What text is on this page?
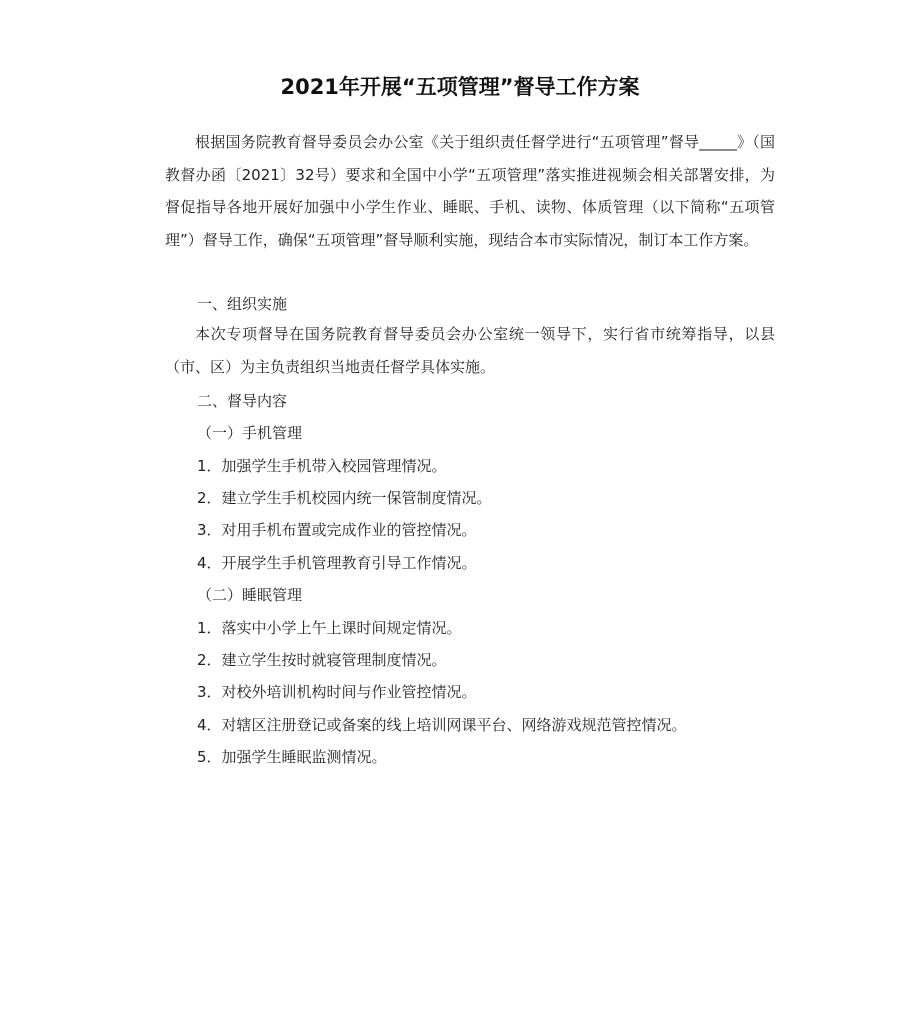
2021年开展“五项管理”督导工作方案

根据国务院教育督导委员会办公室《关于组织责任督学进行“五项管理”督导_____》（国教督办函〔2021〕32号）要求和全国中小学“五项管理”落实推进视频会相关部署安排，为督促指导各地开展好加强中小学生作业、睡眠、手机、读物、体质管理（以下简称“五项管理”）督导工作，确保“五项管理”督导顺利实施，现结合本市实际情况，制订本工作方案。

一、组织实施

本次专项督导在国务院教育督导委员会办公室统一领导下，实行省市统筹指导，以县（市、区）为主负责组织当地责任督学具体实施。

二、督导内容

（一）手机管理

1．加强学生手机带入校园管理情况。

2．建立学生手机校园内统一保管制度情况。

3．对用手机布置或完成作业的管控情况。

4．开展学生手机管理教育引导工作情况。

（二）睡眠管理

1．落实中小学上午上课时间规定情况。

2．建立学生按时就寝管理制度情况。

3．对校外培训机构时间与作业管控情况。

4．对辖区注册登记或备案的线上培训网课平台、网络游戏规范管控情况。

5．加强学生睡眠监测情况。
